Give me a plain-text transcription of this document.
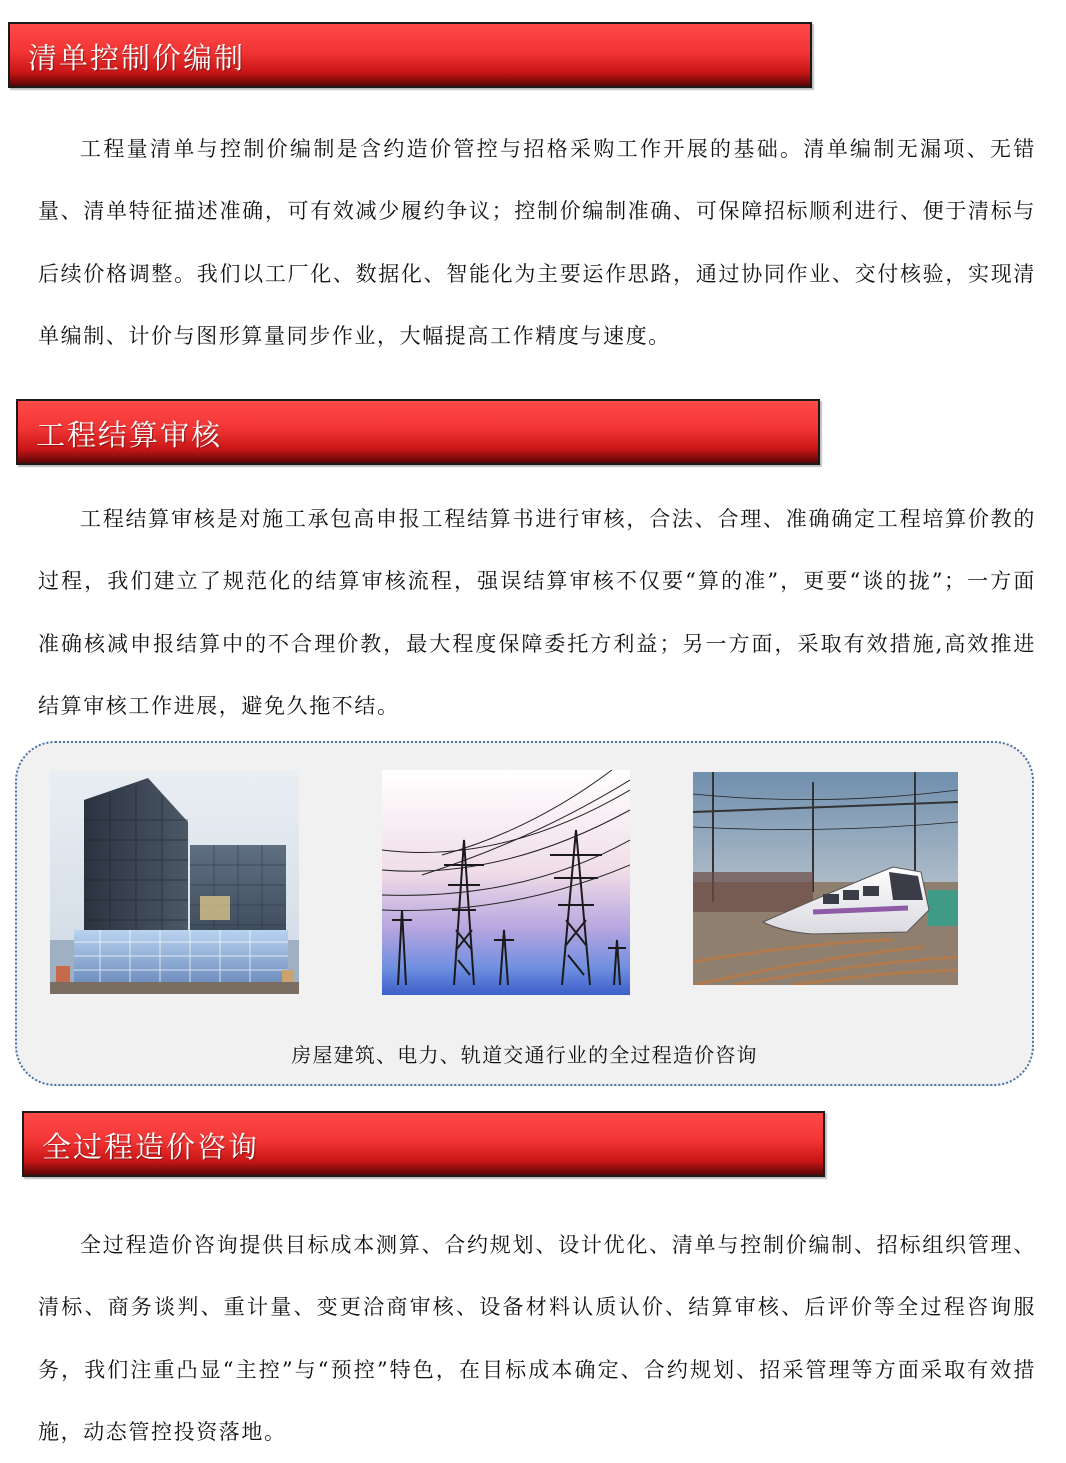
清单控制价编制

工程量清单与控制价编制是含约造价管控与招格采购工作开展的基础。清单编制无漏项、无错量、清单特征描述准确，可有效减少履约争议；控制价编制准确、可保障招标顺利进行、便于清标与后续价格调整。我们以工厂化、数据化、智能化为主要运作思路，通过协同作业、交付核验，实现清单编制、计价与图形算量同步作业，大幅提高工作精度与速度。

工程结算审核

工程结算审核是对施工承包高申报工程结算书进行审核，合法、合理、准确确定工程培算价教的过程，我们建立了规范化的结算审核流程，强误结算审核不仅要“算的准”，更要“谈的拢”；一方面准确核减申报结算中的不合理价教，最大程度保障委托方利益；另一方面，采取有效措施,高效推进结算审核工作进展，避免久拖不结。

房屋建筑、电力、轨道交通行业的全过程造价咨询
全过程造价咨询

全过程造价咨询提供目标成本测算、合约规划、设计优化、清单与控制价编制、招标组织管理、清标、商务谈判、重计量、变更洽商审核、设备材料认质认价、结算审核、后评价等全过程咨询服务，我们注重凸显“主控”与“预控”特色，在目标成本确定、合约规划、招采管理等方面采取有效措施，动态管控投资落地。
